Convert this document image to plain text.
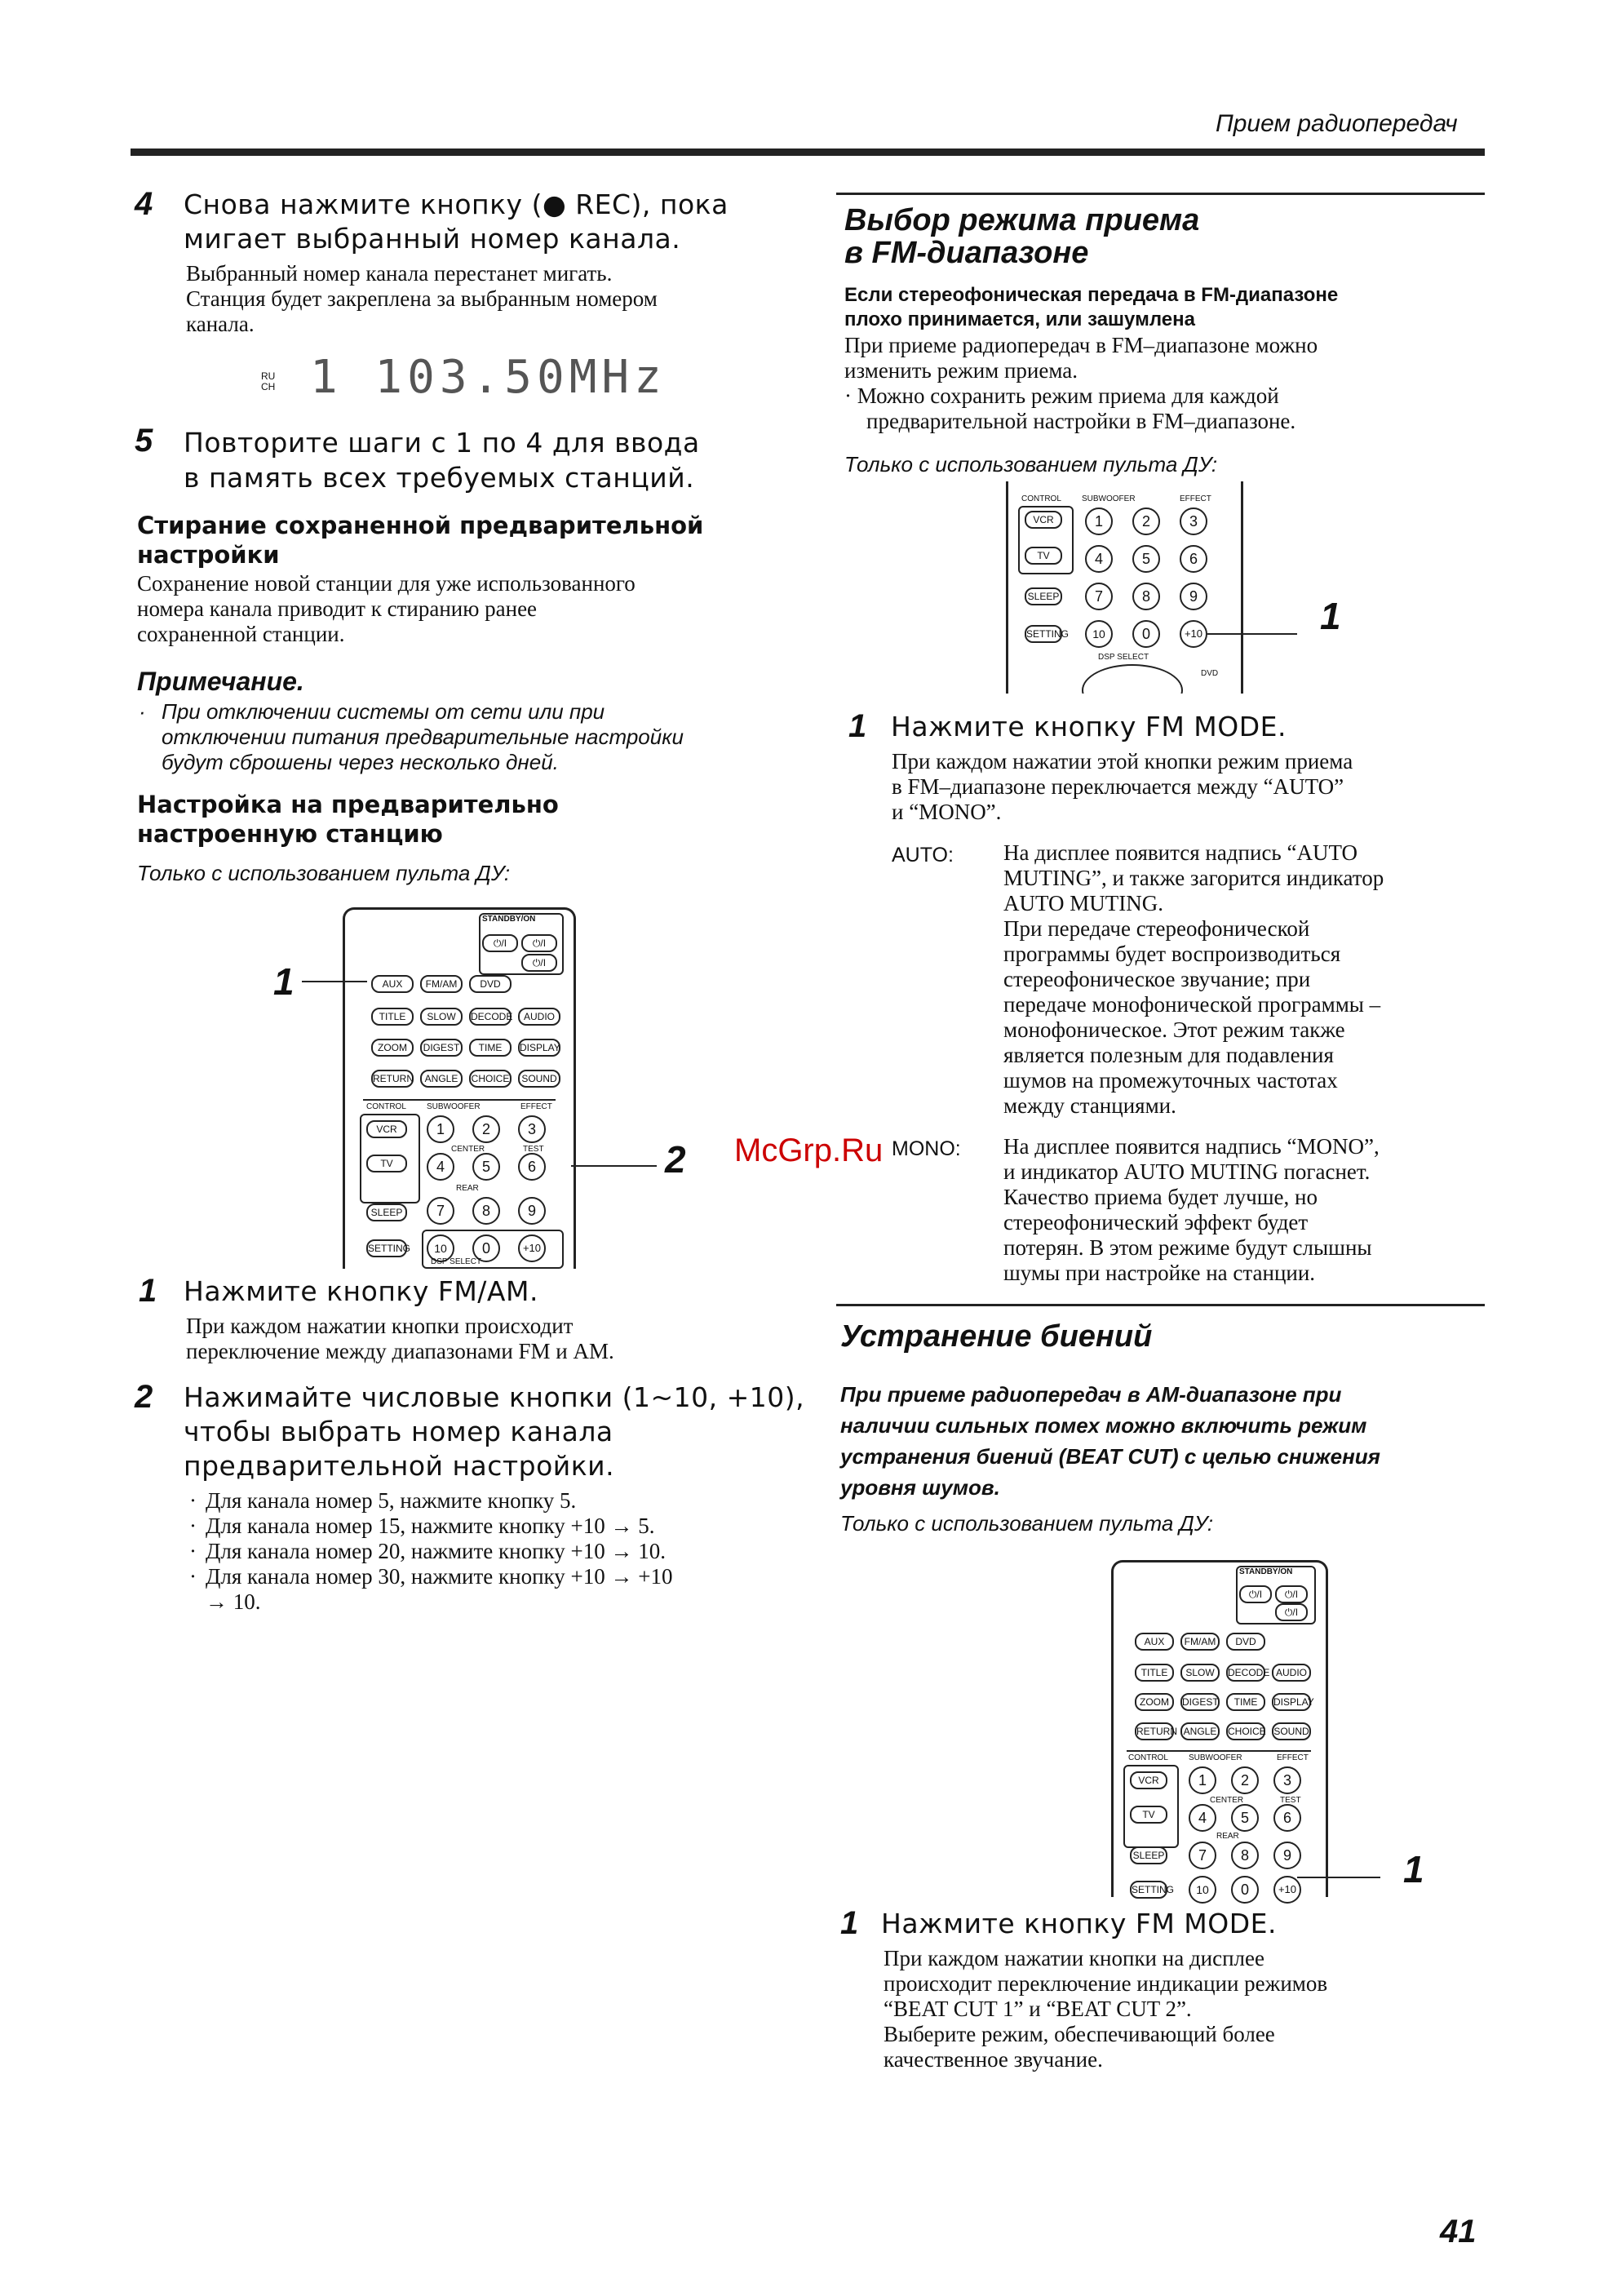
Прием радиопередач
4 Снова нажмите кнопку (● REC), пока
мигает выбранный номер канала.
Выбранный номер канала перестанет мигать.
Станция будет закреплена за выбранным номером
канала.
RU CH 1 103.50MHz
5 Повторите шаги с 1 по 4 для ввода
в память всех требуемых станций.
Стирание сохраненной предварительной
настройки
Сохранение новой станции для уже использованного
номера канала приводит к стиранию ранее
сохраненной станции.
Примечание.
· При отключении системы от сети или при
отключении питания предварительные настройки
будут сброшены через несколько дней.
Настройка на предварительно
настроенную станцию
Только с использованием пульта ДУ:
STANDBY/ON
⏻/I	⏻/I
⏻/I
AUX	FM/AM	DVD
TITLE	SLOW	DECODE	AUDIO
ZOOM	DIGEST	TIME	DISPLAY
RETURN	ANGLE	CHOICE	SOUND
CONTROL	SUBWOOFER	EFFECT
VCR
TV
SLEEP
SETTING
1	2	3
CENTER	TEST
4	5	6
REAR
7	8	9
10	0	+10
DSP SELECT
1
2
1 Нажмите кнопку FM/AM.
При каждом нажатии кнопки происходит
переключение между диапазонами FM и AM.
2 Нажимайте числовые кнопки (1~10, +10),
чтобы выбрать номер канала
предварительной настройки.
· Для канала номер 5, нажмите кнопку 5.
· Для канала номер 15, нажмите кнопку +10 → 5.
· Для канала номер 20, нажмите кнопку +10 → 10.
· Для канала номер 30, нажмите кнопку +10 → +10
→ 10.
Выбор режима приема
в FM-диапазоне
Если стереофоническая передача в FM-диапазоне
плохо принимается, или зашумлена
При приеме радиопередач в FM–диапазоне можно
изменить режим приема.
· Можно сохранить режим приема для каждой
предварительной настройки в FM–диапазоне.
Только с использованием пульта ДУ:
CONTROL	SUBWOOFER	EFFECT
VCR
TV
1	2	3
4	5	6
SLEEP	7	8	9
SETTING	10	0	+10
DSP SELECT
DVD
1
1 Нажмите кнопку FM MODE.
При каждом нажатии этой кнопки режим приема
в FM–диапазоне переключается между “AUTO”
и “MONO”.
AUTO: На дисплее появится надпись “AUTO
MUTING”, и также загорится индикатор
AUTO MUTING.
При передаче стереофонической
программы будет воспроизводиться
стереофоническое звучание; при
передаче монофонической программы –
монофоническое. Этот режим также
является полезным для подавления
шумов на промежуточных частотах
между станциями.
MONO: На дисплее появится надпись “MONO”,
и индикатор AUTO MUTING погаснет.
Качество приема будет лучше, но
стереофонический эффект будет
потерян. В этом режиме будут слышны
шумы при настройке на станции.
McGrp.Ru
Устранение биений
При приеме радиопередач в AM-диапазоне при
наличии сильных помех можно включить режим
устранения биений (BEAT CUT) с целью снижения
уровня шумов.
Только с использованием пульта ДУ:
STANDBY/ON
⏻/I	⏻/I
⏻/I
AUX	FM/AM	DVD
TITLE	SLOW	DECODE AUDIO
ZOOM	DIGEST	TIME	DISPLAY
RETURN ANGLE	CHOICE SOUND
CONTROL	SUBWOOFER	EFFECT
VCR
TV
1	2	3
CENTER	TEST
4	5	6
REAR
SLEEP	7	8	9
SETTING	10	0	+10	1
1 Нажмите кнопку FM MODE.
При каждом нажатии кнопки на дисплее
происходит переключение индикации режимов
“BEAT CUT 1” и “BEAT CUT 2”.
Выберите режим, обеспечивающий более
качественное звучание.
41
